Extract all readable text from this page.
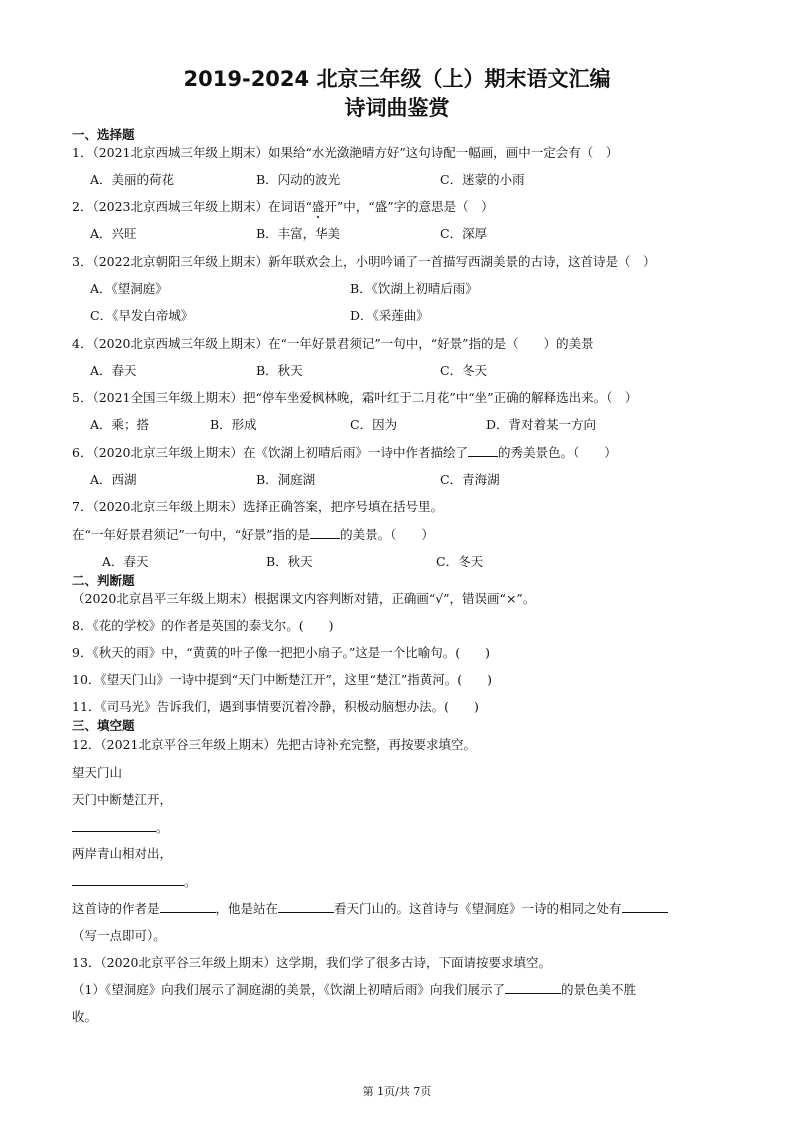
2019-2024 北京三年级（上）期末语文汇编
诗词曲鉴赏
一、选择题
1．（2021北京西城三年级上期末）如果给“水光潋滟晴方好”这句诗配一幅画，画中一定会有（　）
A．美丽的荷花	B．闪动的波光	C．迷蒙的小雨
2．（2023北京西城三年级上期末）在词语“盛开”中，“盛”字的意思是（　）
A．兴旺	B．丰富，华美	C．深厚
3．（2022北京朝阳三年级上期末）新年联欢会上，小明吟诵了一首描写西湖美景的古诗，这首诗是（　）
A．《望洞庭》	B．《饮湖上初晴后雨》
C．《早发白帝城》	D．《采莲曲》
4．（2020北京西城三年级上期末）在“一年好景君须记”一句中，“好景”指的是（　　）的美景
A．春天	B．秋天	C．冬天
5．（2021全国三年级上期末）把“停车坐爱枫林晚，霜叶红于二月花”中“坐”正确的解释选出来。（　）
A．乘；搭	B．形成	C．因为	D．背对着某一方向
6．（2020北京三年级上期末）在《饮湖上初晴后雨》一诗中作者描绘了 的秀美景色。（　　）
A．西湖	B．洞庭湖	C．青海湖
7．（2020北京三年级上期末）选择正确答案，把序号填在括号里。
在“一年好景君须记”一句中，“好景”指的是 的美景。（　　）
A．春天	B．秋天	C．冬天
二、判断题
（2020北京昌平三年级上期末）根据课文内容判断对错，正确画“√”，错误画“×”。
8．《花的学校》的作者是英国的泰戈尔。(　　)
9．《秋天的雨》中，“黄黄的叶子像一把把小扇子。”这是一个比喻句。(　　)
10．《望天门山》一诗中提到“天门中断楚江开”，这里“楚江”指黄河。(　　)
11．《司马光》告诉我们，遇到事情要沉着冷静，积极动脑想办法。(　　)
三、填空题
12．（2021北京平谷三年级上期末）先把古诗补充完整，再按要求填空。
望天门山
天门中断楚江开，
。
两岸青山相对出，
。
这首诗的作者是	，他是站在	看天门山的。这首诗与《望洞庭》一诗的相同之处有
（写一点即可）。
13．（2020北京平谷三年级上期末）这学期，我们学了很多古诗，下面请按要求填空。
（1）《望洞庭》向我们展示了洞庭湖的美景，《饮湖上初晴后雨》向我们展示了	的景色美不胜
收。
第 1页/共 7页
